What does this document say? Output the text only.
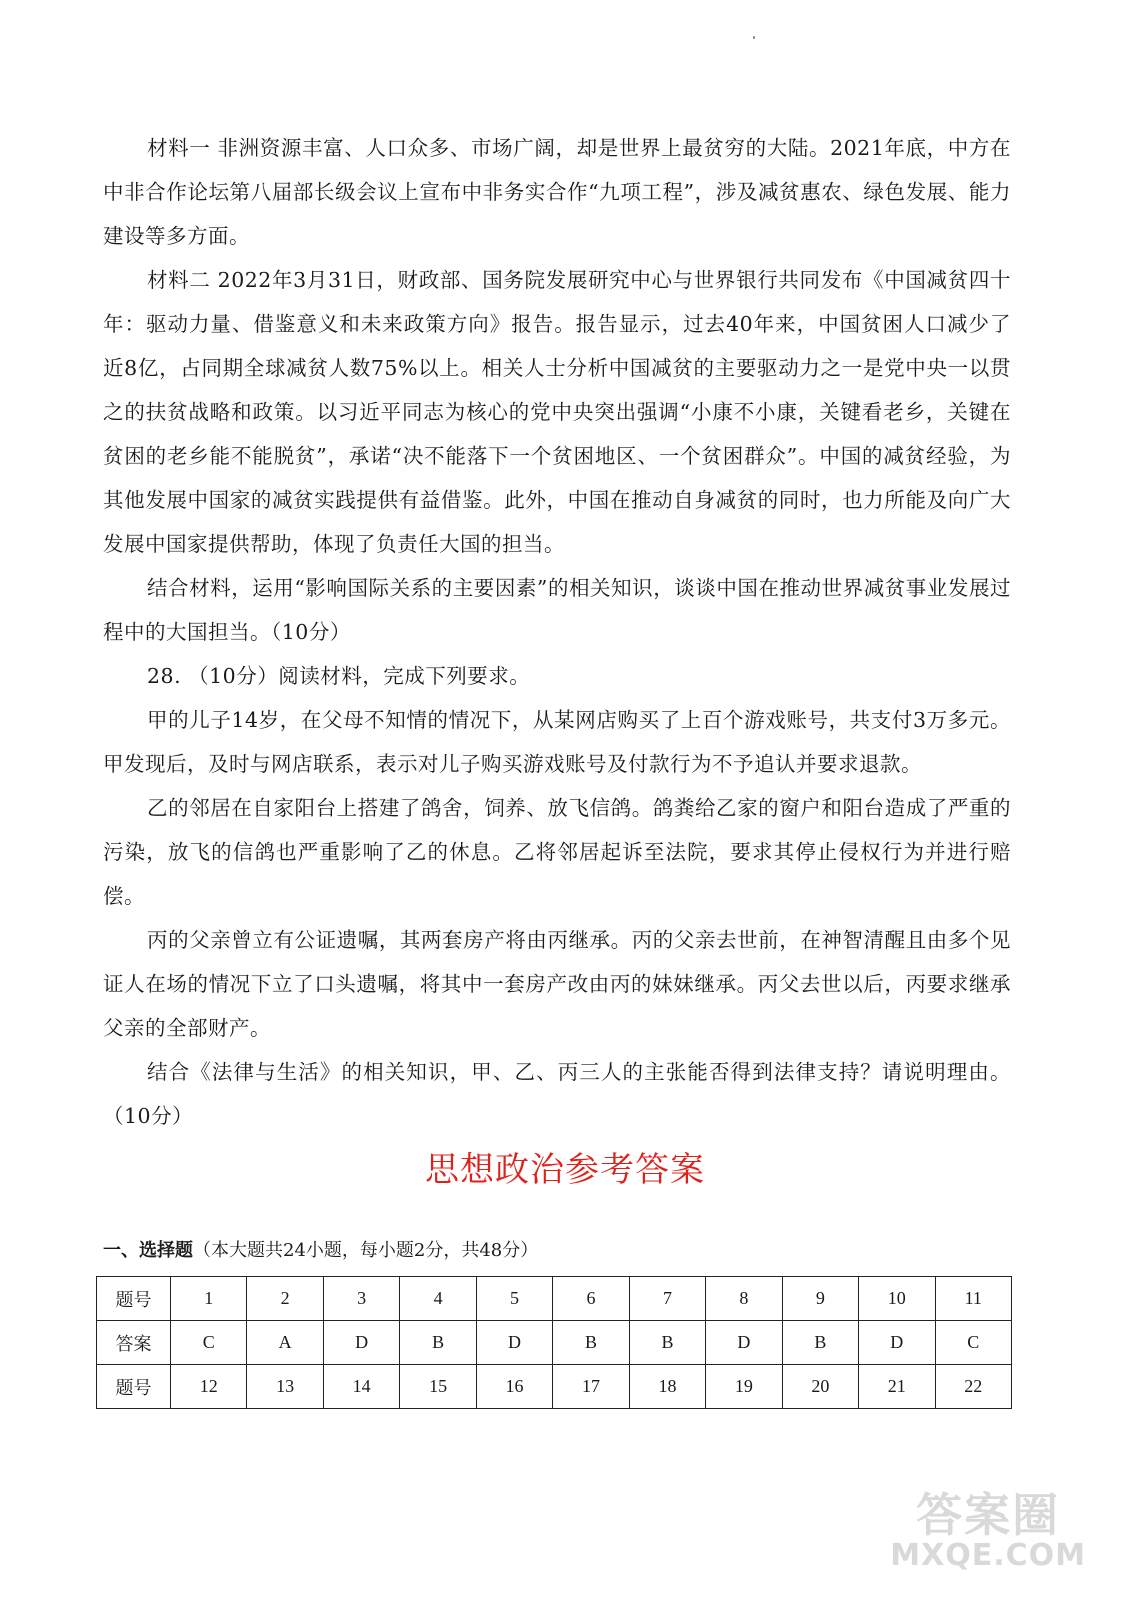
材料一 非洲资源丰富、人口众多、市场广阔，却是世界上最贫穷的大陆。2021年底，中方在中非合作论坛第八届部长级会议上宣布中非务实合作“九项工程”，涉及减贫惠农、绿色发展、能力建设等多方面。

材料二 2022年3月31日，财政部、国务院发展研究中心与世界银行共同发布《中国减贫四十年：驱动力量、借鉴意义和未来政策方向》报告。报告显示，过去40年来，中国贫困人口减少了近8亿，占同期全球减贫人数75%以上。相关人士分析中国减贫的主要驱动力之一是党中央一以贯之的扶贫战略和政策。以习近平同志为核心的党中央突出强调“小康不小康，关键看老乡，关键在贫困的老乡能不能脱贫”，承诺“决不能落下一个贫困地区、一个贫困群众”。中国的减贫经验，为其他发展中国家的减贫实践提供有益借鉴。此外，中国在推动自身减贫的同时，也力所能及向广大发展中国家提供帮助，体现了负责任大国的担当。

结合材料，运用“影响国际关系的主要因素”的相关知识，谈谈中国在推动世界减贫事业发展过程中的大国担当。（10分）

28. （10分）阅读材料，完成下列要求。

甲的儿子14岁，在父母不知情的情况下，从某网店购买了上百个游戏账号，共支付3万多元。甲发现后，及时与网店联系，表示对儿子购买游戏账号及付款行为不予追认并要求退款。

乙的邻居在自家阳台上搭建了鸽舍，饲养、放飞信鸽。鸽粪给乙家的窗户和阳台造成了严重的污染，放飞的信鸽也严重影响了乙的休息。乙将邻居起诉至法院，要求其停止侵权行为并进行赔偿。

丙的父亲曾立有公证遗嘱，其两套房产将由丙继承。丙的父亲去世前，在神智清醒且由多个见证人在场的情况下立了口头遗嘱，将其中一套房产改由丙的妹妹继承。丙父去世以后，丙要求继承父亲的全部财产。

结合《法律与生活》的相关知识，甲、乙、丙三人的主张能否得到法律支持？请说明理由。（10分）

思想政治参考答案
一、选择题（本大题共24小题，每小题2分，共48分）
题号	1	2	3	4	5	6	7	8	9	10	11
答案	C	A	D	B	D	B	B	D	B	D	C
题号	12	13	14	15	16	17	18	19	20	21	22
答案圈
MXQE.COM
